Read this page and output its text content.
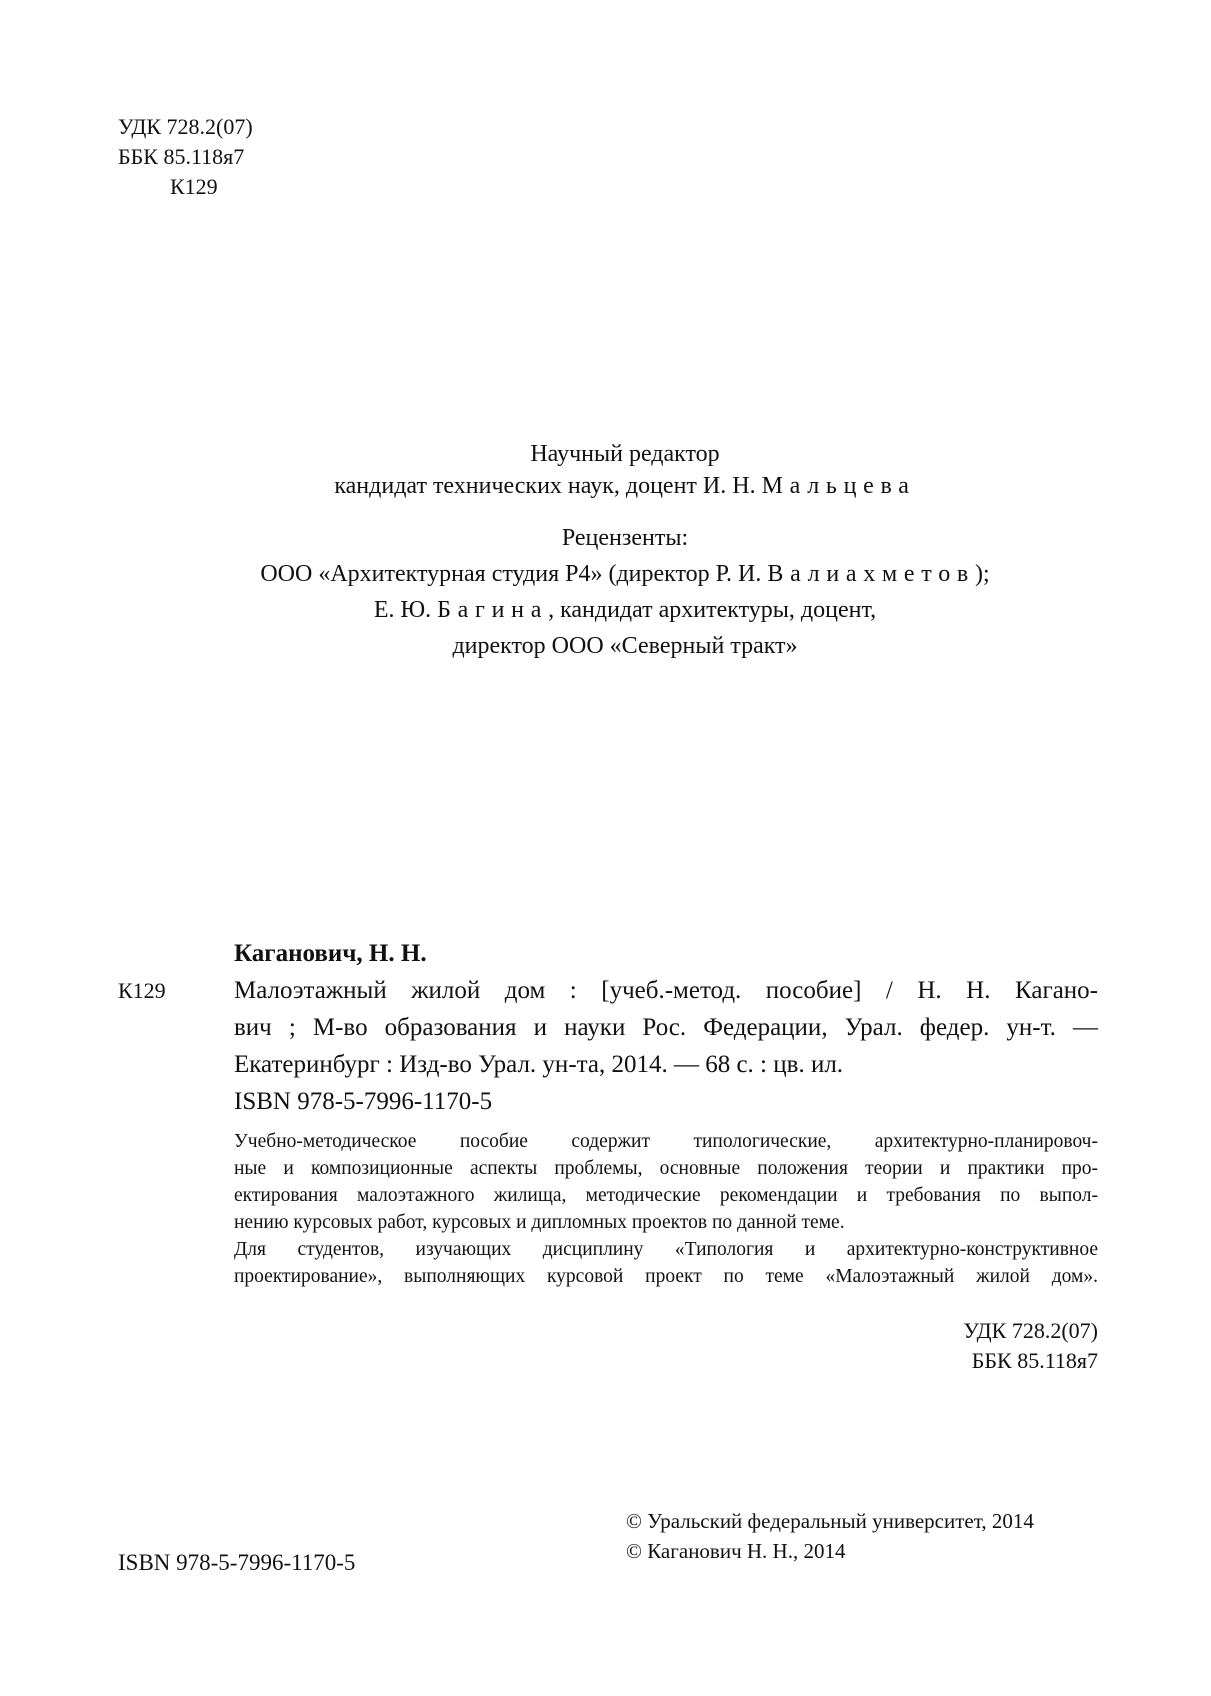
УДК 728.2(07)
ББК 85.118я7
К129
Научный редактор
кандидат технических наук, доцент И. Н. Мальцева
Рецензенты:
ООО «Архитектурная студия Р4» (директор Р. И. Валиахметов);
Е. Ю. Багина, кандидат архитектуры, доцент,
директор ООО «Северный тракт»
К129
Каганович, Н. Н.
Малоэтажный жилой дом : [учеб.-метод. пособие] / Н. Н. Кагано-
вич ; М-во образования и науки Рос. Федерации, Урал. федер. ун-т. —
Екатеринбург : Изд-во Урал. ун-та, 2014. — 68 с. : цв. ил.
ISBN 978-5-7996-1170-5
Учебно-методическое пособие содержит типологические, архитектурно-планировоч-
ные и композиционные аспекты проблемы, основные положения теории и практики про-
ектирования малоэтажного жилища, методические рекомендации и требования по выпол-
нению курсовых работ, курсовых и дипломных проектов по данной теме.
Для студентов, изучающих дисциплину «Типология и архитектурно-конструктивное
проектирование», выполняющих курсовой проект по теме «Малоэтажный жилой дом».
УДК 728.2(07)
ББК 85.118я7
ISBN 978-5-7996-1170-5
© Уральский федеральный университет, 2014
© Каганович Н. Н., 2014
